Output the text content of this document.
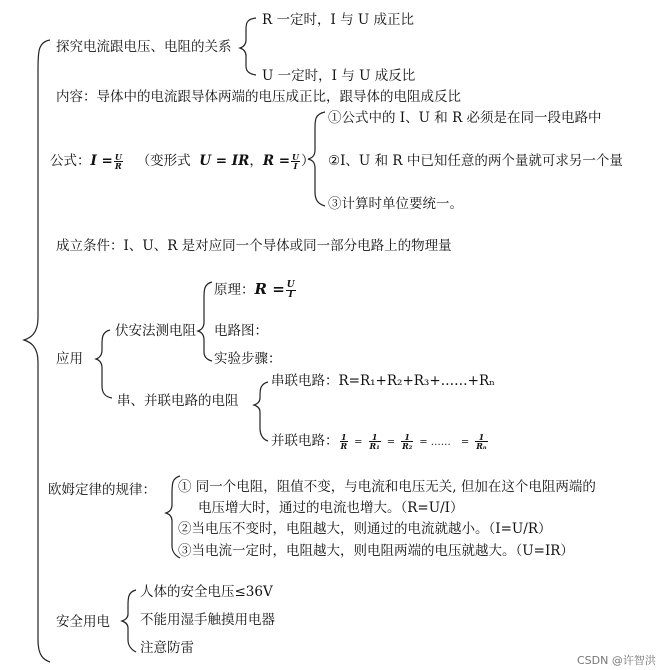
探究电流跟电压、电阻的关系
R 一定时，I 与 U 成正比
U 一定时，I 与 U 成反比
内容：导体中的电流跟导体两端的电压成正比，跟导体的电阻成反比
公式：$I = \frac{U}{R}$ （变形式 U = IR，$R = \frac{U}{I}$ ）
①公式中的 I、U 和 R 必须是在同一段电路中
②I、U 和 R 中已知任意的两个量就可求另一个量
③计算时单位要统一。
成立条件：I、U、R 是对应同一个导体或同一部分电路上的物理量
应用
伏安法测电阻
原理：$R = \frac{U}{I}$
电路图：
实验步骤：
串、并联电路的电阻
串联电路：R=R₁+R₂+R₃+……+Rₙ
并联电路： $\frac{1}{R} = \frac{1}{\text{R₁}} = \frac{1}{\text{R₂}}$ = …… = $\frac{1}{\text{Rₙ}}$
欧姆定律的规律： ① 同一个电阻，阻值不变，与电流和电压无关, 但加在这个电阻两端的
电压增大时，通过的电流也增大。（R=U/I）
②当电压不变时，电阻越大，则通过的电流就越小。（I=U/R）
③当电流一定时，电阻越大，则电阻两端的电压就越大。（U=IR）
安全用电
人体的安全电压≤36V
不能用湿手触摸用电器
注意防雷
CSDN @许智洪
